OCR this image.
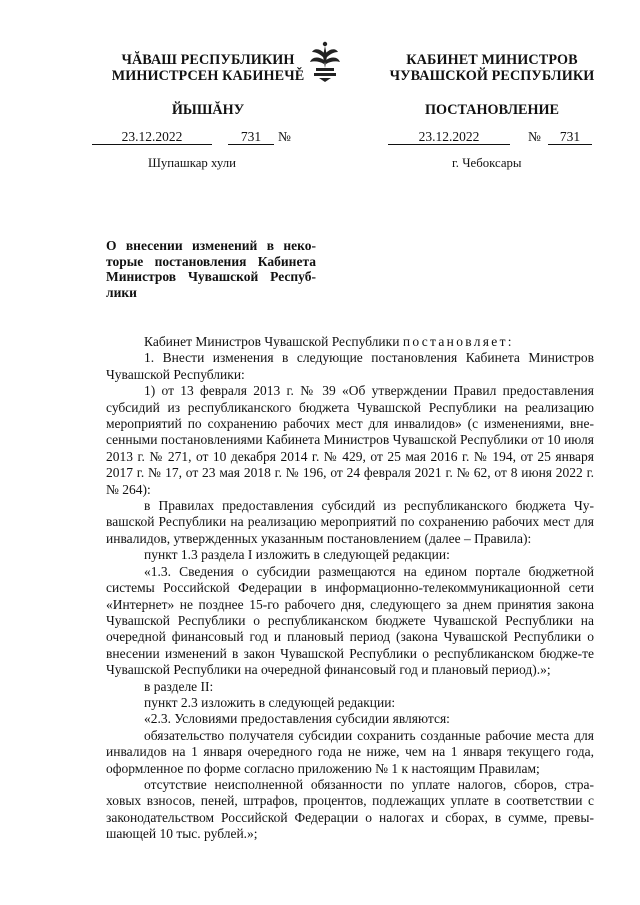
ЧĂВАШ РЕСПУБЛИКИН
МИНИСТРСЕН КАБИНЕЧĚ
ЙЫШĂНУ
КАБИНЕТ МИНИСТРОВ
ЧУВАШСКОЙ РЕСПУБЛИКИ
ПОСТАНОВЛЕНИЕ
23.12.2022	731	№	23.12.2022	№	731
Шупашкар хули	г. Чебоксары
О внесении изменений в неко-торые постановления Кабинета Министров Чувашской Респуб-лики

Кабинет Министров Чувашской Республики постановляет:

1. Внести изменения в следующие постановления Кабинета Министров Чувашской Республики:

1) от 13 февраля 2013 г. № 39 «Об утверждении Правил предоставления субсидий из республиканского бюджета Чувашской Республики на реализацию мероприятий по сохранению рабочих мест для инвалидов» (с изменениями, вне-сенными постановлениями Кабинета Министров Чувашской Республики от 10 июля 2013 г. № 271, от 10 декабря 2014 г. № 429, от 25 мая 2016 г. № 194, от 25 января 2017 г. № 17, от 23 мая 2018 г. № 196, от 24 февраля 2021 г. № 62, от 8 июня 2022 г. № 264):

в Правилах предоставления субсидий из республиканского бюджета Чу-вашской Республики на реализацию мероприятий по сохранению рабочих мест для инвалидов, утвержденных указанным постановлением (далее – Правила):

пункт 1.3 раздела I изложить в следующей редакции:

«1.3. Сведения о субсидии размещаются на едином портале бюджетной системы Российской Федерации в информационно-телекоммуникационной сети «Интернет» не позднее 15-го рабочего дня, следующего за днем принятия закона Чувашской Республики о республиканском бюджете Чувашской Республики на очередной финансовый год и плановый период (закона Чувашской Республики о внесении изменений в закон Чувашской Республики о республиканском бюдже-те Чувашской Республики на очередной финансовый год и плановый период).»;

в разделе II:

пункт 2.3 изложить в следующей редакции:

«2.3. Условиями предоставления субсидии являются:

обязательство получателя субсидии сохранить созданные рабочие места для инвалидов на 1 января очередного года не ниже, чем на 1 января текущего года, оформленное по форме согласно приложению № 1 к настоящим Правилам;

отсутствие неисполненной обязанности по уплате налогов, сборов, стра-ховых взносов, пеней, штрафов, процентов, подлежащих уплате в соответствии с законодательством Российской Федерации о налогах и сборах, в сумме, превы-шающей 10 тыс. рублей.»;
